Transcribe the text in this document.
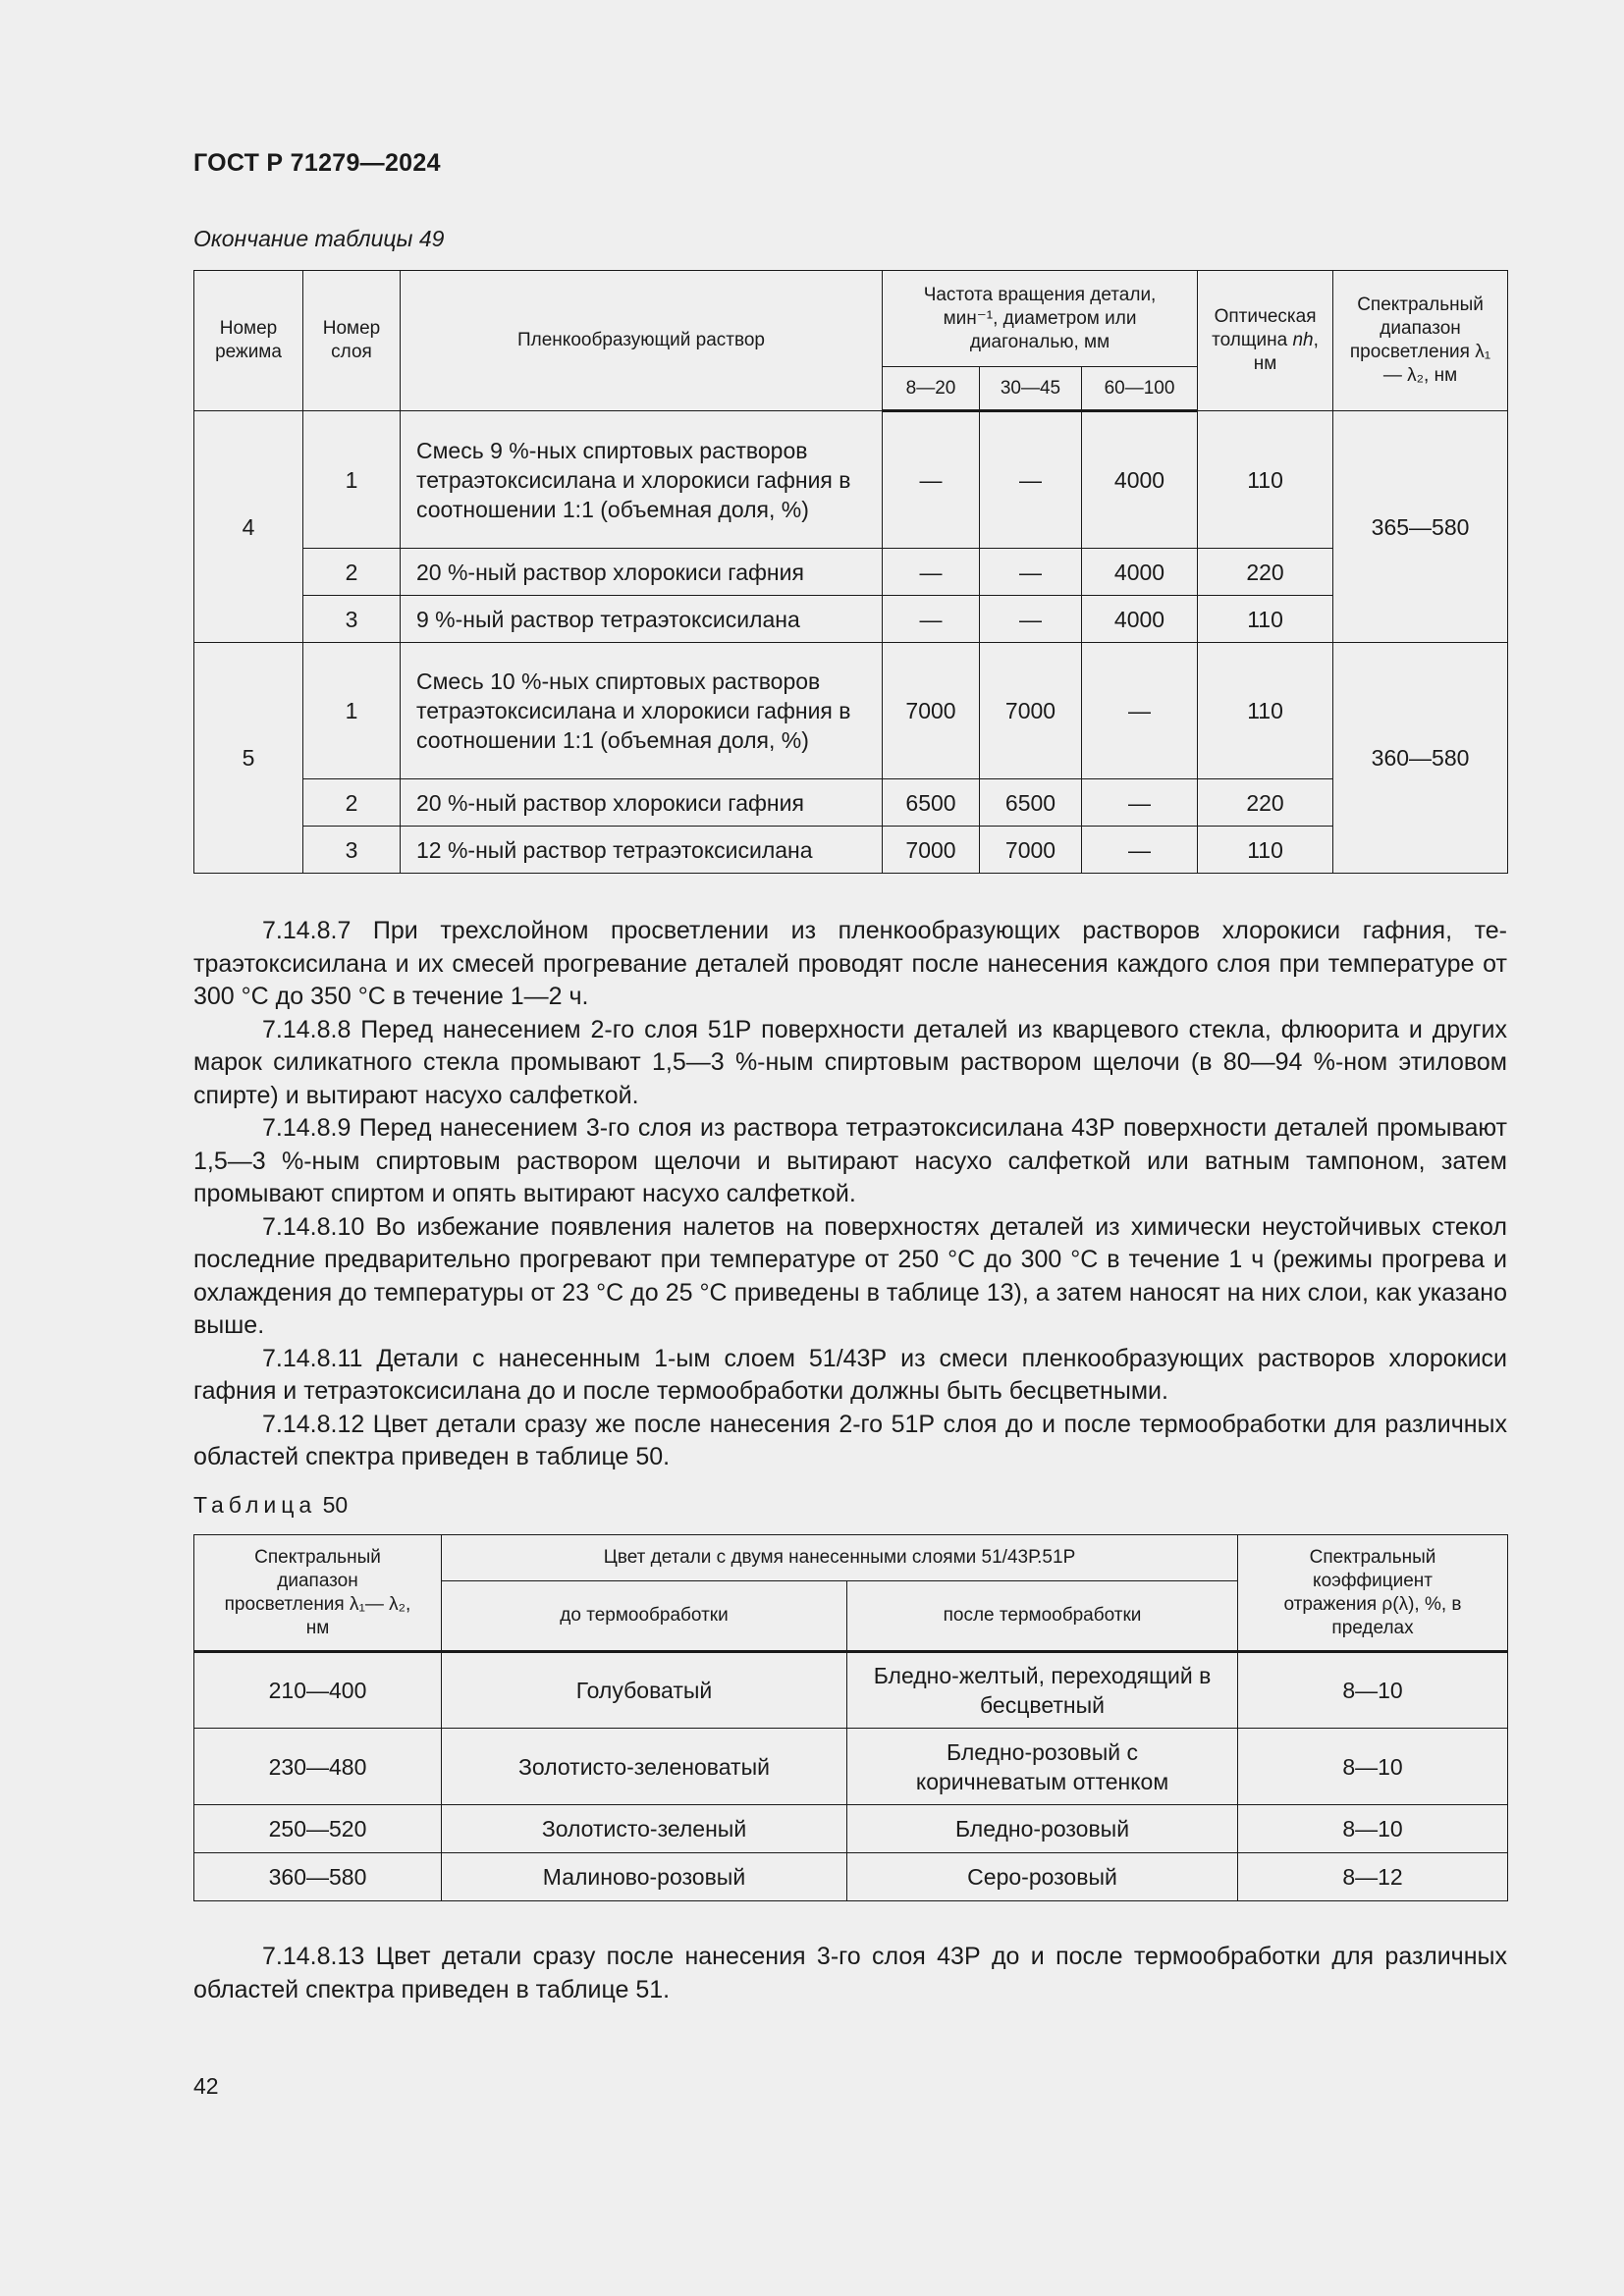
ГОСТ Р 71279—2024
Окончание таблицы 49
Номер режима	Номер слоя	Пленкообразующий раствор	Частота вращения детали, мин⁻¹, диаметром или диагональю, мм			Оптическая толщина nh, нм	Спектральный диапазон просветления λ₁— λ₂, нм
			8—20	30—45	60—100		
4	1	Смесь 9 %-ных спиртовых растворов тетраэтоксисилана и хлорокиси гафния в соотношении 1:1 (объемная доля, %)	—	—	4000	110	365—580
	2	20 %-ный раствор хлорокиси гафния	—	—	4000	220	
	3	9 %-ный раствор тетраэтоксисилана	—	—	4000	110	
5	1	Смесь 10 %-ных спиртовых растворов тетраэтоксисилана и хлорокиси гафния в соотношении 1:1 (объемная доля, %)	7000	7000	—	110	360—580
	2	20 %-ный раствор хлорокиси гафния	6500	6500	—	220	
	3	12 %-ный раствор тетраэтоксисилана	7000	7000	—	110	

7.14.8.7 При трехслойном просветлении из пленкообразующих растворов хлорокиси гафния, тетраэтоксисилана и их смесей прогревание деталей проводят после нанесения каждого слоя при температуре от 300 °С до 350 °С в течение 1—2 ч.

7.14.8.8 Перед нанесением 2-го слоя 51Р поверхности деталей из кварцевого стекла, флюорита и других марок силикатного стекла промывают 1,5—3 %-ным спиртовым раствором щелочи (в 80—94 %-ном этиловом спирте) и вытирают насухо салфеткой.

7.14.8.9 Перед нанесением 3-го слоя из раствора тетраэтоксисилана 43Р поверхности деталей промывают 1,5—3 %-ным спиртовым раствором щелочи и вытирают насухо салфеткой или ватным тампоном, затем промывают спиртом и опять вытирают насухо салфеткой.

7.14.8.10 Во избежание появления налетов на поверхностях деталей из химически неустойчивых стекол последние предварительно прогревают при температуре от 250 °С до 300 °С в течение 1 ч (режимы прогрева и охлаждения до температуры от 23 °С до 25 °С приведены в таблице 13), а затем наносят на них слои, как указано выше.

7.14.8.11 Детали с нанесенным 1-ым слоем 51/43Р из смеси пленкообразующих растворов хлорокиси гафния и тетраэтоксисилана до и после термообработки должны быть бесцветными.

7.14.8.12 Цвет детали сразу же после нанесения 2-го 51Р слоя до и после термообработки для различных областей спектра приведен в таблице 50.

Таблица 50
Спектральный диапазон просветления λ₁— λ₂, нм	Цвет детали с двумя нанесенными слоями 51/43Р.51Р		Спектральный коэффициент отражения ρ(λ), %, в пределах
	до термообработки	после термообработки	
210—400	Голубоватый	Бледно-желтый, переходящий в бесцветный	8—10
230—480	Золотисто-зеленоватый	Бледно-розовый с коричневатым оттенком	8—10
250—520	Золотисто-зеленый	Бледно-розовый	8—10
360—580	Малиново-розовый	Серо-розовый	8—12

7.14.8.13 Цвет детали сразу после нанесения 3-го слоя 43Р до и после термообработки для различных областей спектра приведен в таблице 51.

42
